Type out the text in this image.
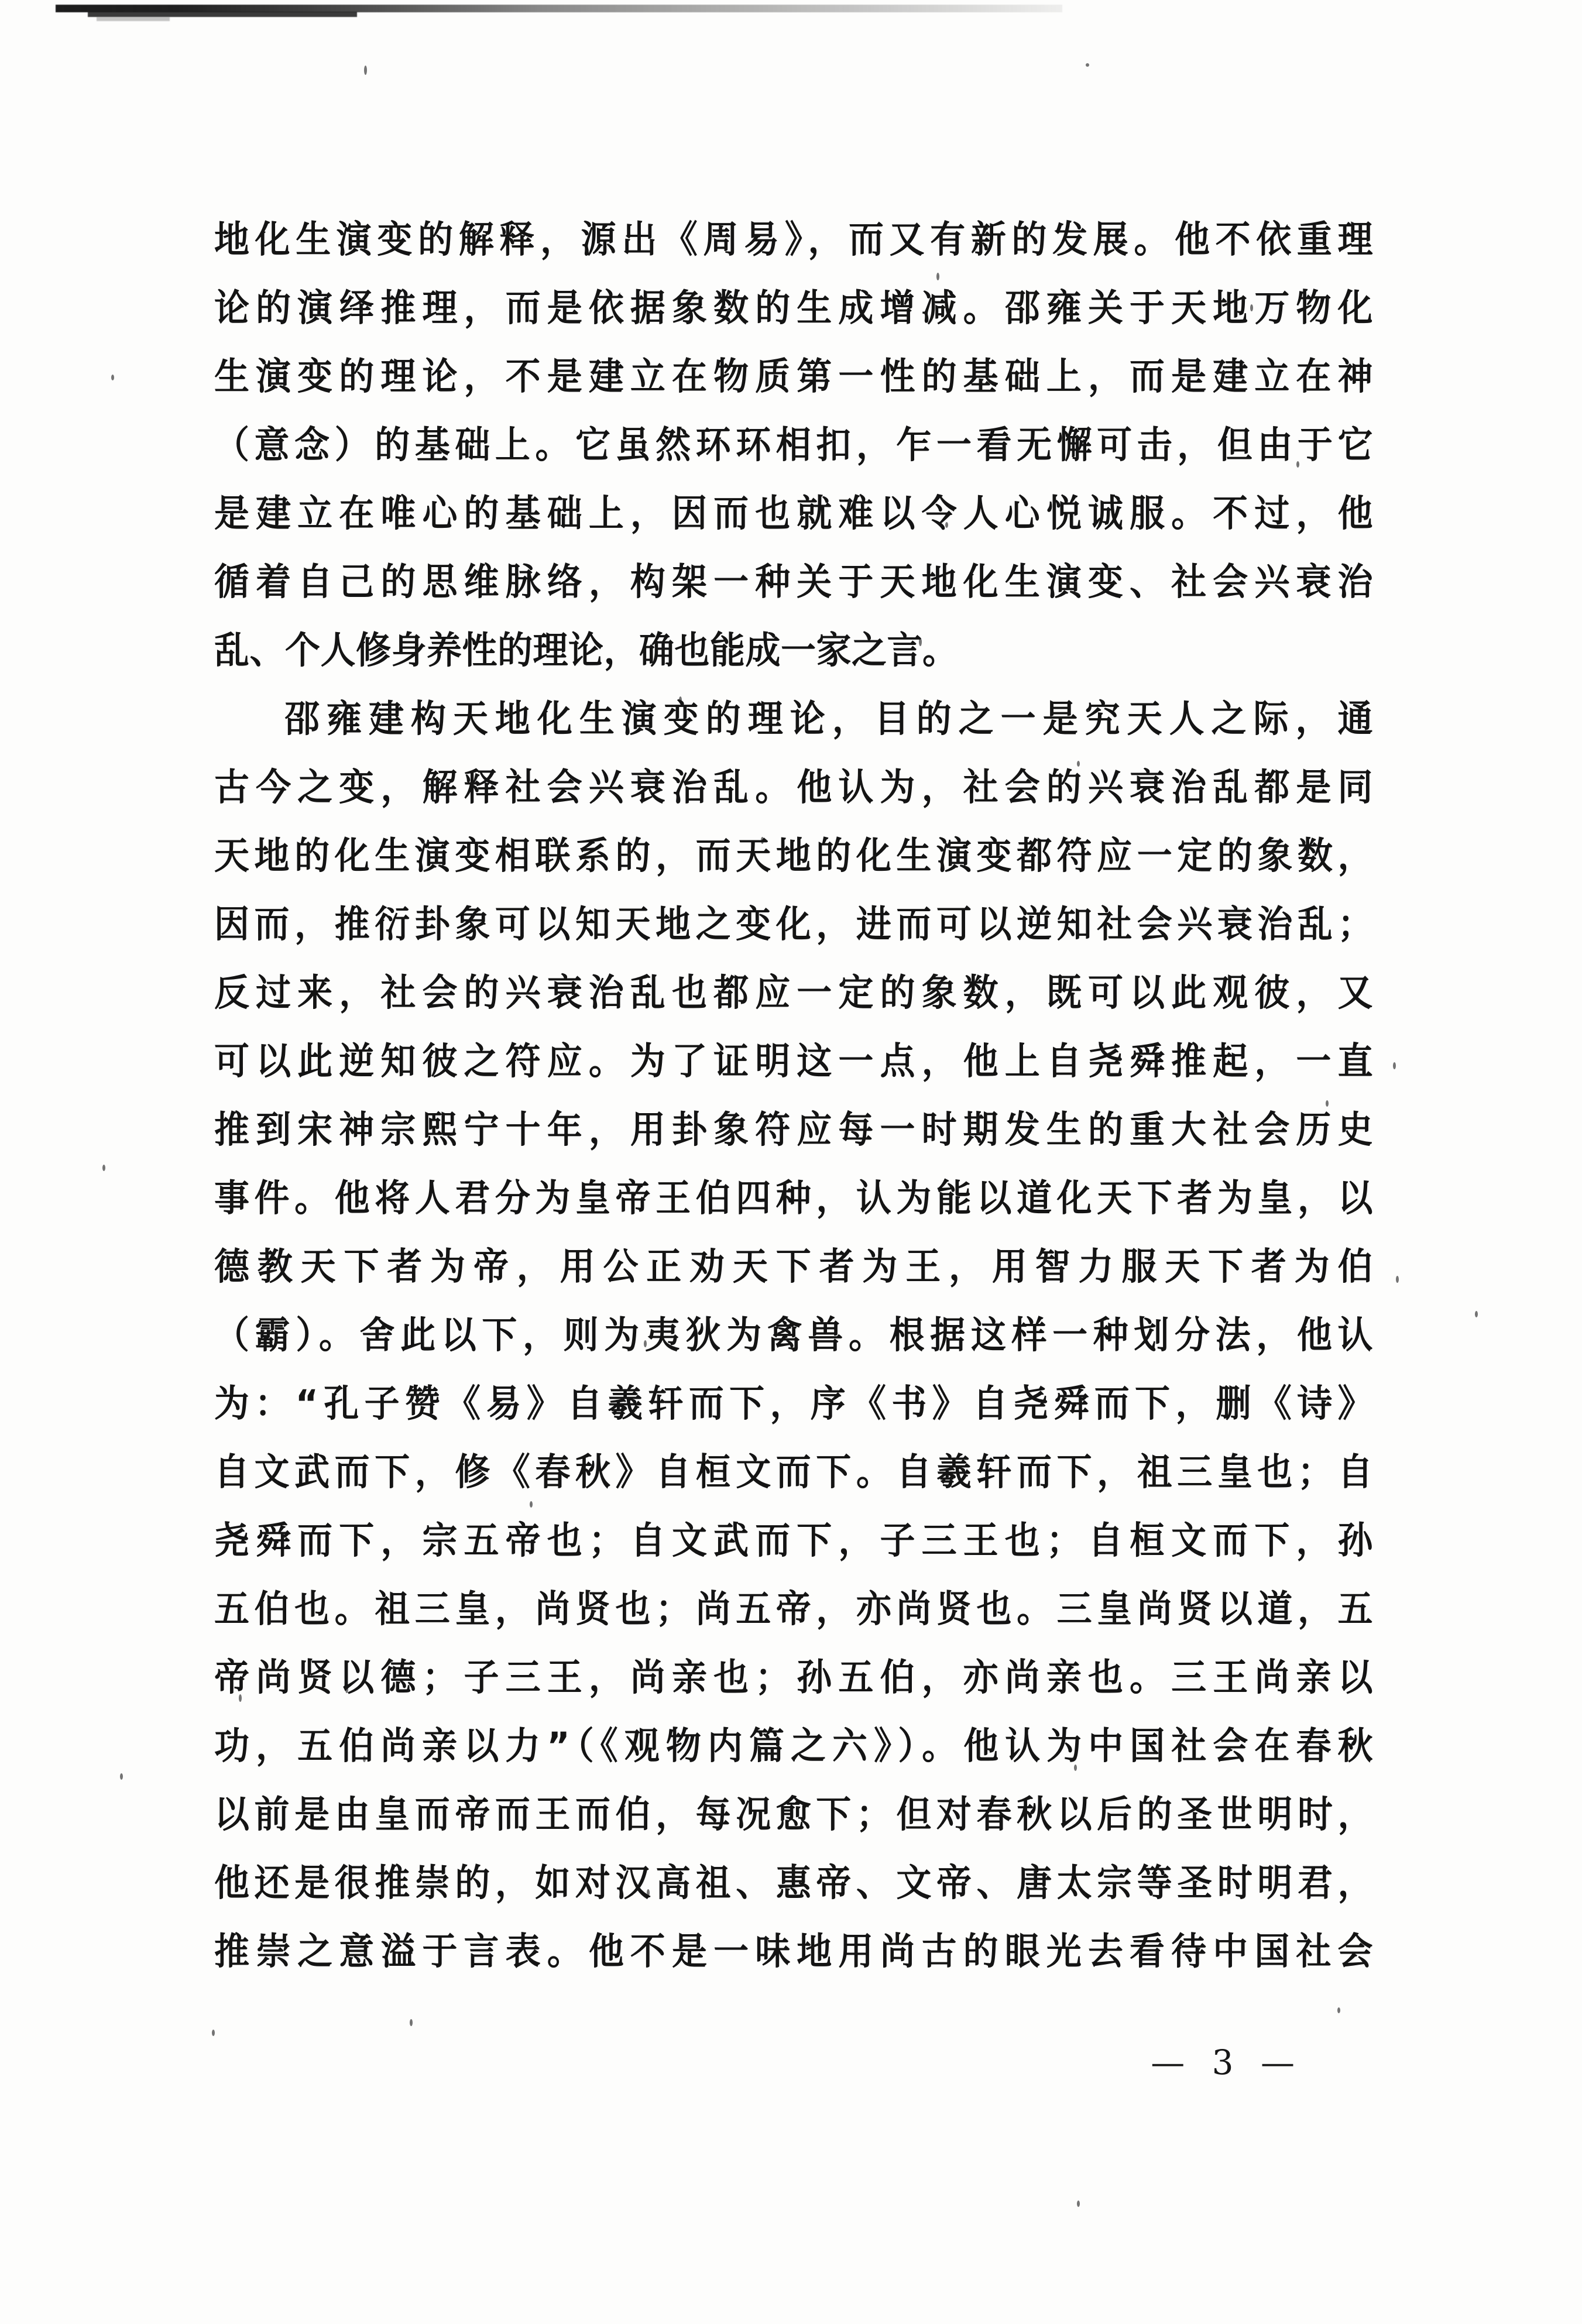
地化生演变的解释，源出《周易》，而又有新的发展。他不依重理
论的演绎推理，而是依据象数的生成增减。邵雍关于天地万物化
生演变的理论，不是建立在物质第一性的基础上，而是建立在神
（意念）的基础上。它虽然环环相扣，乍一看无懈可击，但由于它
是建立在唯心的基础上，因而也就难以令人心悦诚服。不过，他
循着自己的思维脉络，构架一种关于天地化生演变、社会兴衰治
乱、个人修身养性的理论，确也能成一家之言。
邵雍建构天地化生演变的理论，目的之一是究天人之际，通
古今之变，解释社会兴衰治乱。他认为，社会的兴衰治乱都是同
天地的化生演变相联系的，而天地的化生演变都符应一定的象数，
因而，推衍卦象可以知天地之变化，进而可以逆知社会兴衰治乱；
反过来，社会的兴衰治乱也都应一定的象数，既可以此观彼，又
可以此逆知彼之符应。为了证明这一点，他上自尧舜推起，一直
推到宋神宗熙宁十年，用卦象符应每一时期发生的重大社会历史
事件。他将人君分为皇帝王伯四种，认为能以道化天下者为皇，以
德教天下者为帝，用公正劝天下者为王，用智力服天下者为伯
（霸）。舍此以下，则为夷狄为禽兽。根据这样一种划分法，他认
为：“孔子赞《易》自羲轩而下，序《书》自尧舜而下，删《诗》
自文武而下，修《春秋》自桓文而下。自羲轩而下，祖三皇也；自
尧舜而下，宗五帝也；自文武而下，子三王也；自桓文而下，孙
五伯也。祖三皇，尚贤也；尚五帝，亦尚贤也。三皇尚贤以道，五
帝尚贤以德；子三王，尚亲也；孙五伯，亦尚亲也。三王尚亲以
功，五伯尚亲以力”（《观物内篇之六》）。他认为中国社会在春秋
以前是由皇而帝而王而伯，每况愈下；但对春秋以后的圣世明时，
他还是很推崇的，如对汉高祖、惠帝、文帝、唐太宗等圣时明君，
推崇之意溢于言表。他不是一味地用尚古的眼光去看待中国社会
— 3 —
